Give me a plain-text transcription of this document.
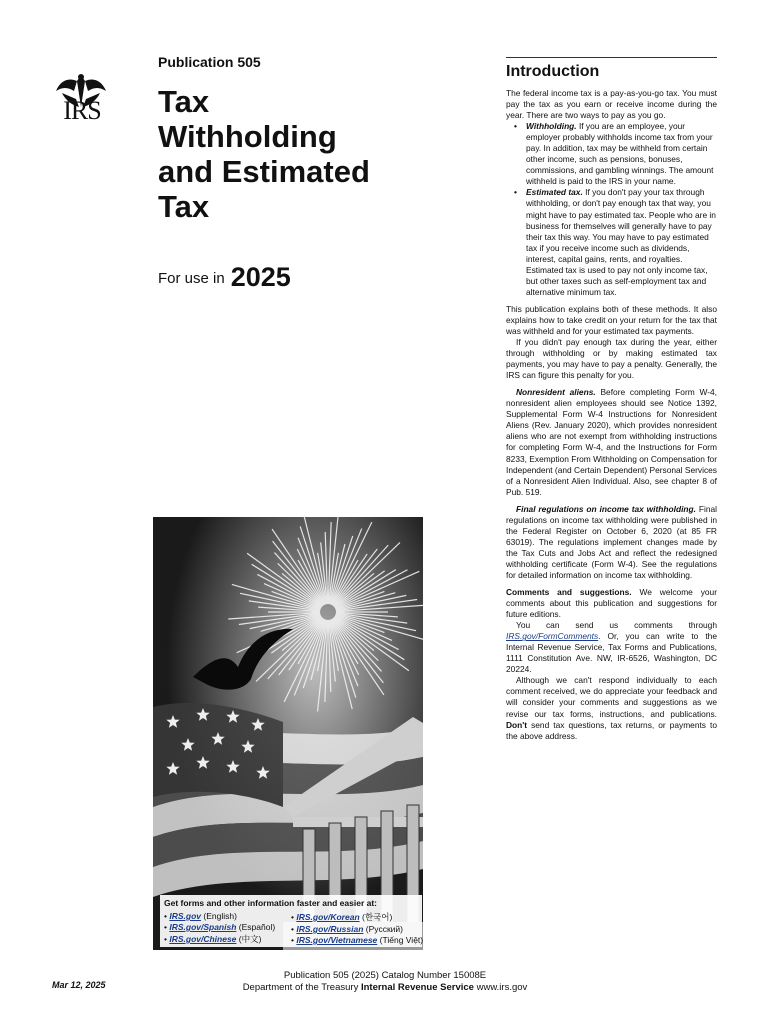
IRS
Publication 505
Tax
Withholding
and Estimated
Tax
For use in 2025
Get forms and other information faster and easier at:
• IRS.gov (English)
• IRS.gov/Spanish (Español)
• IRS.gov/Chinese (中文)
• IRS.gov/Korean (한국어)
• IRS.gov/Russian (Русский)
• IRS.gov/Vietnamese (Tiếng Việt)
Introduction

The federal income tax is a pay-as-you-go tax. You must pay the tax as you earn or receive income during the year. There are two ways to pay as you go.

• Withholding. If you are an employee, your employer probably withholds income tax from your pay. In addition, tax may be withheld from certain other income, such as pensions, bonuses, commissions, and gambling winnings. The amount withheld is paid to the IRS in your name.
• Estimated tax. If you don't pay your tax through withholding, or don't pay enough tax that way, you might have to pay estimated tax. People who are in business for themselves will generally have to pay their tax this way. You may have to pay estimated tax if you receive income such as dividends, interest, capital gains, rents, and royalties. Estimated tax is used to pay not only income tax, but other taxes such as self-employment tax and alternative minimum tax.

This publication explains both of these methods. It also explains how to take credit on your return for the tax that was withheld and for your estimated tax payments.

If you didn't pay enough tax during the year, either through withholding or by making estimated tax payments, you may have to pay a penalty. Generally, the IRS can figure this penalty for you.

Nonresident aliens. Before completing Form W-4, nonresident alien employees should see Notice 1392, Supplemental Form W-4 Instructions for Nonresident Aliens (Rev. January 2020), which provides nonresident aliens who are not exempt from withholding instructions for completing Form W-4, and the Instructions for Form 8233, Exemption From Withholding on Compensation for Independent (and Certain Dependent) Personal Services of a Nonresident Alien Individual. Also, see chapter 8 of Pub. 519.

Final regulations on income tax withholding. Final regulations on income tax withholding were published in the Federal Register on October 6, 2020 (at 85 FR 63019). The regulations implement changes made by the Tax Cuts and Jobs Act and reflect the redesigned withholding certificate (Form W-4). See the regulations for detailed information on income tax withholding.

Comments and suggestions. We welcome your comments about this publication and suggestions for future editions.

You can send us comments through IRS.gov/FormComments. Or, you can write to the Internal Revenue Service, Tax Forms and Publications, 1111 Constitution Ave. NW, IR-6526, Washington, DC 20224.

Although we can't respond individually to each comment received, we do appreciate your feedback and will consider your comments and suggestions as we revise our tax forms, instructions, and publications. Don't send tax questions, tax returns, or payments to the above address.

Mar 12, 2025
Publication 505 (2025) Catalog Number 15008E
Department of the Treasury Internal Revenue Service www.irs.gov
